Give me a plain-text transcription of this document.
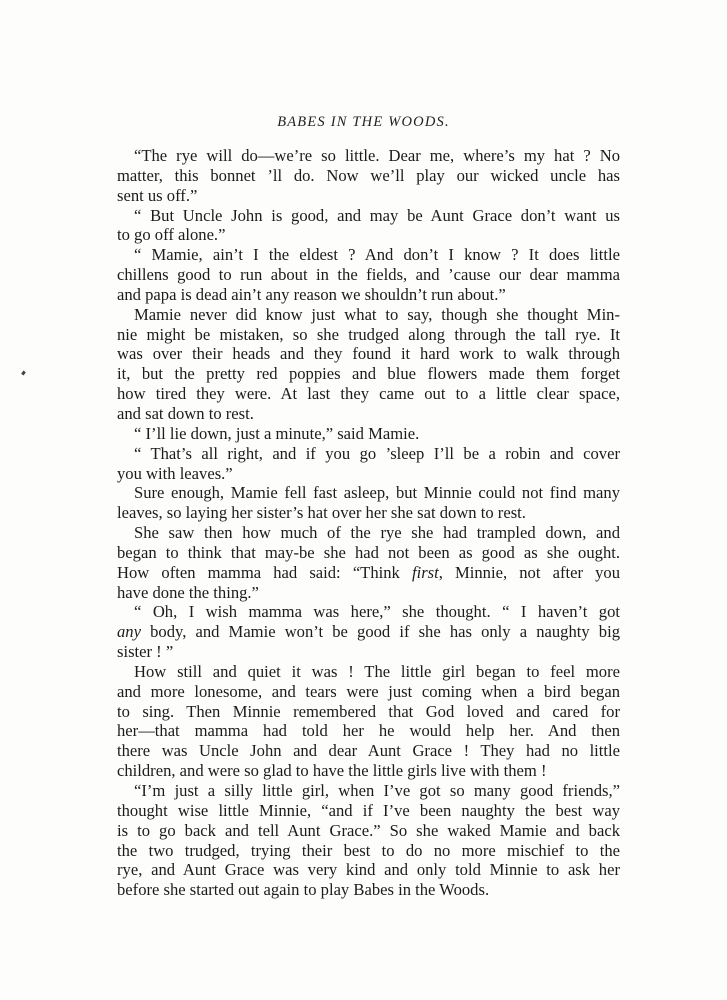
BABES IN THE WOODS.
“The rye will do—we’re so little. Dear me, where’s my hat ? No
matter, this bonnet ’ll do. Now we’ll play our wicked uncle has
sent us off.”
“ But Uncle John is good, and may be Aunt Grace don’t want us
to go off alone.”
“ Mamie, ain’t I the eldest ? And don’t I know ? It does little
chillens good to run about in the fields, and ’cause our dear mamma
and papa is dead ain’t any reason we shouldn’t run about.”
Mamie never did know just what to say, though she thought Min-
nie might be mistaken, so she trudged along through the tall rye. It
was over their heads and they found it hard work to walk through
it, but the pretty red poppies and blue flowers made them forget
how tired they were. At last they came out to a little clear space,
and sat down to rest.
“ I’ll lie down, just a minute,” said Mamie.
“ That’s all right, and if you go ’sleep I’ll be a robin and cover
you with leaves.”
Sure enough, Mamie fell fast asleep, but Minnie could not find many
leaves, so laying her sister’s hat over her she sat down to rest.
She saw then how much of the rye she had trampled down, and
began to think that may-be she had not been as good as she ought.
How often mamma had said: “Think first, Minnie, not after you
have done the thing.”
“ Oh, I wish mamma was here,” she thought. “ I haven’t got
any body, and Mamie won’t be good if she has only a naughty big
sister ! ”
How still and quiet it was ! The little girl began to feel more
and more lonesome, and tears were just coming when a bird began
to sing. Then Minnie remembered that God loved and cared for
her—that mamma had told her he would help her. And then
there was Uncle John and dear Aunt Grace ! They had no little
children, and were so glad to have the little girls live with them !
“I’m just a silly little girl, when I’ve got so many good friends,”
thought wise little Minnie, “and if I’ve been naughty the best way
is to go back and tell Aunt Grace.” So she waked Mamie and back
the two trudged, trying their best to do no more mischief to the
rye, and Aunt Grace was very kind and only told Minnie to ask her
before she started out again to play Babes in the Woods.
